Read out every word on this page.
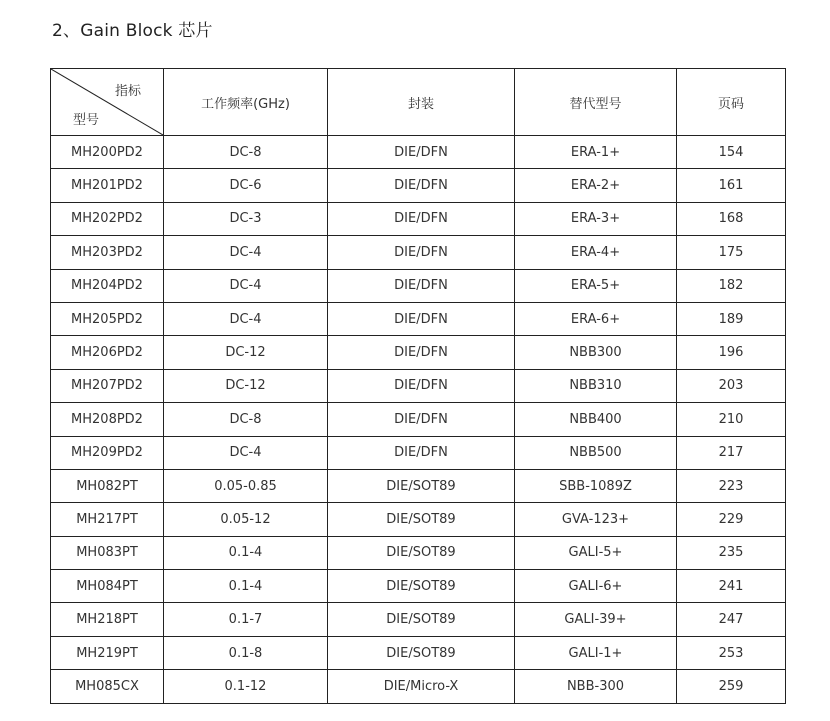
2、Gain Block 芯片
指标
型号	工作频率(GHz)	封装	替代型号	页码
MH200PD2	DC-8	DIE/DFN	ERA-1+	154
MH201PD2	DC-6	DIE/DFN	ERA-2+	161
MH202PD2	DC-3	DIE/DFN	ERA-3+	168
MH203PD2	DC-4	DIE/DFN	ERA-4+	175
MH204PD2	DC-4	DIE/DFN	ERA-5+	182
MH205PD2	DC-4	DIE/DFN	ERA-6+	189
MH206PD2	DC-12	DIE/DFN	NBB300	196
MH207PD2	DC-12	DIE/DFN	NBB310	203
MH208PD2	DC-8	DIE/DFN	NBB400	210
MH209PD2	DC-4	DIE/DFN	NBB500	217
MH082PT	0.05-0.85	DIE/SOT89	SBB-1089Z	223
MH217PT	0.05-12	DIE/SOT89	GVA-123+	229
MH083PT	0.1-4	DIE/SOT89	GALI-5+	235
MH084PT	0.1-4	DIE/SOT89	GALI-6+	241
MH218PT	0.1-7	DIE/SOT89	GALI-39+	247
MH219PT	0.1-8	DIE/SOT89	GALI-1+	253
MH085CX	0.1-12	DIE/Micro-X	NBB-300	259
